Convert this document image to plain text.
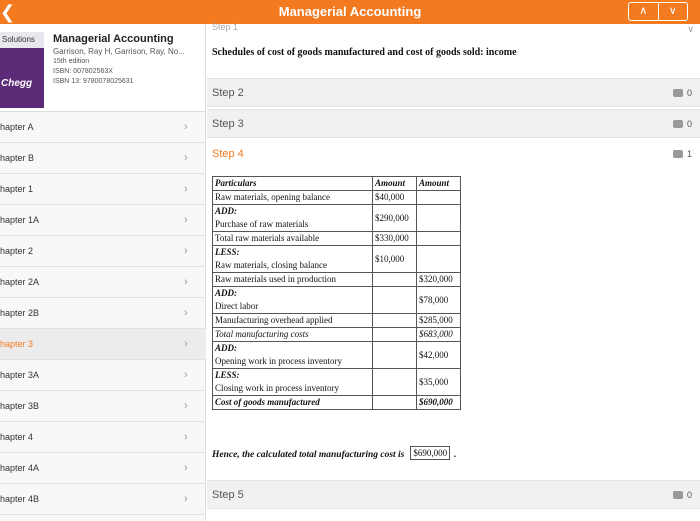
❮	Managerial Accounting	∧	∨
Solutions
Chegg
Managerial Accounting
Garrison, Ray H, Garrison, Ray, No...
15th edition
ISBN: 007802563X
ISBN 13: 9780078025631
hapter A	›
hapter B	›
hapter 1	›
hapter 1A	›
hapter 2	›
hapter 2A	›
hapter 2B	›
hapter 3	›
hapter 3A	›
hapter 3B	›
hapter 4	›
hapter 4A	›
hapter 4B	›
Step 1	∨
Schedules of cost of goods manufactured and cost of goods sold: income
Step 2	0
Step 3	0
Step 4	1
Particulars	Amount	Amount
Raw materials, opening balance	$40,000	

ADD:
Purchase of raw materials	$290,000	
Total raw materials available	$330,000	

LESS:
Raw materials, closing balance	$10,000	
Raw materials used in production		$320,000

ADD:
Direct labor		$78,000
Manufacturing overhead applied		$285,000
Total manufacturing costs		$683,000

ADD:
Opening work in process inventory		$42,000

LESS:
Closing work in process inventory		$35,000
Cost of goods manufactured		$690,000
Hence, the calculated total manufacturing cost is	$690,000 .
Step 5	0
